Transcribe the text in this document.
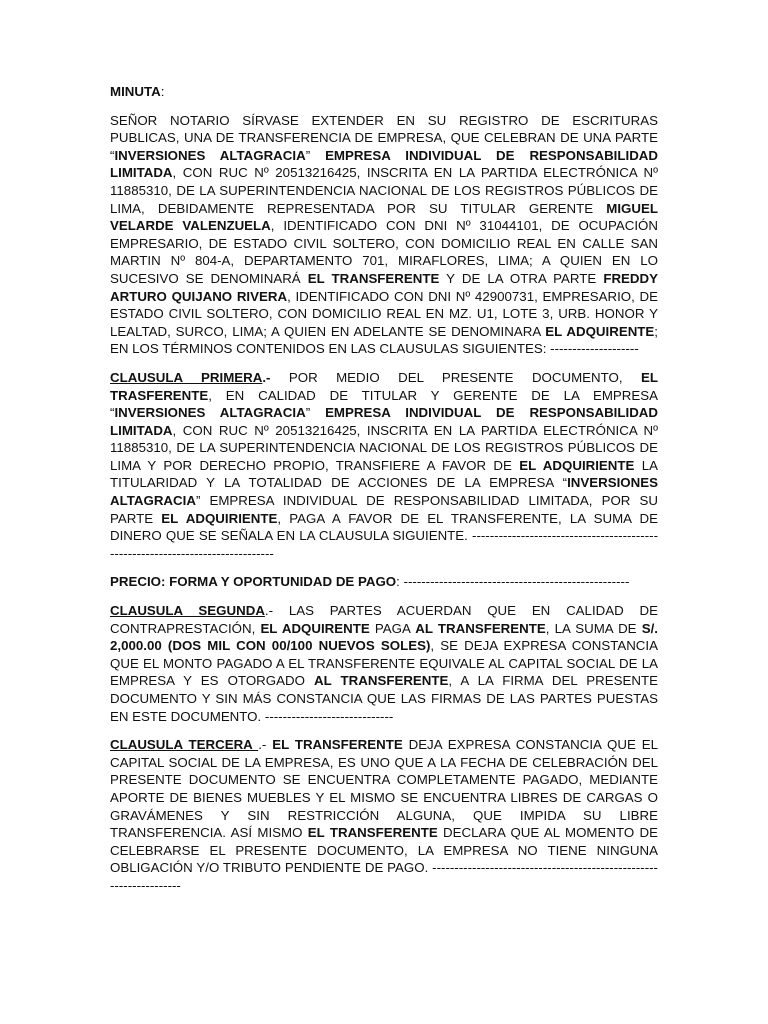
MINUTA:

SEÑOR NOTARIO SÍRVASE EXTENDER EN SU REGISTRO DE ESCRITURAS PUBLICAS, UNA DE TRANSFERENCIA DE EMPRESA, QUE CELEBRAN DE UNA PARTE “INVERSIONES ALTAGRACIA” EMPRESA INDIVIDUAL DE RESPONSABILIDAD LIMITADA, CON RUC Nº 20513216425, INSCRITA EN LA PARTIDA ELECTRÓNICA Nº 11885310, DE LA SUPERINTENDENCIA NACIONAL DE LOS REGISTROS PÚBLICOS DE LIMA, DEBIDAMENTE REPRESENTADA POR SU TITULAR GERENTE MIGUEL VELARDE VALENZUELA, IDENTIFICADO CON DNI Nº 31044101, DE OCUPACIÓN EMPRESARIO, DE ESTADO CIVIL SOLTERO, CON DOMICILIO REAL EN CALLE SAN MARTIN Nº 804-A, DEPARTAMENTO 701, MIRAFLORES, LIMA; A QUIEN EN LO SUCESIVO SE DENOMINARÁ EL TRANSFERENTE Y DE LA OTRA PARTE FREDDY ARTURO QUIJANO RIVERA, IDENTIFICADO CON DNI Nº 42900731, EMPRESARIO, DE ESTADO CIVIL SOLTERO, CON DOMICILIO REAL EN MZ. U1, LOTE 3, URB. HONOR Y LEALTAD, SURCO, LIMA; A QUIEN EN ADELANTE SE DENOMINARA EL ADQUIRENTE; EN LOS TÉRMINOS CONTENIDOS EN LAS CLAUSULAS SIGUIENTES: --------------------

CLAUSULA PRIMERA.- POR MEDIO DEL PRESENTE DOCUMENTO, EL TRASFERENTE, EN CALIDAD DE TITULAR Y GERENTE DE LA EMPRESA “INVERSIONES ALTAGRACIA” EMPRESA INDIVIDUAL DE RESPONSABILIDAD LIMITADA, CON RUC Nº 20513216425, INSCRITA EN LA PARTIDA ELECTRÓNICA Nº 11885310, DE LA SUPERINTENDENCIA NACIONAL DE LOS REGISTROS PÚBLICOS DE LIMA Y POR DERECHO PROPIO, TRANSFIERE A FAVOR DE EL ADQUIRIENTE LA TITULARIDAD Y LA TOTALIDAD DE ACCIONES DE LA EMPRESA “INVERSIONES ALTAGRACIA” EMPRESA INDIVIDUAL DE RESPONSABILIDAD LIMITADA, POR SU PARTE EL ADQUIRIENTE, PAGA A FAVOR DE EL TRANSFERENTE, LA SUMA DE DINERO QUE SE SEÑALA EN LA CLAUSULA SIGUIENTE. -------------------------------------------------------------------------------

PRECIO: FORMA Y OPORTUNIDAD DE PAGO: ---------------------------------------------------

CLAUSULA SEGUNDA.- LAS PARTES ACUERDAN QUE EN CALIDAD DE CONTRAPRESTACIÓN, EL ADQUIRENTE PAGA AL TRANSFERENTE, LA SUMA DE S/. 2,000.00 (DOS MIL CON 00/100 NUEVOS SOLES), SE DEJA EXPRESA CONSTANCIA QUE EL MONTO PAGADO A EL TRANSFERENTE EQUIVALE AL CAPITAL SOCIAL DE LA EMPRESA Y ES OTORGADO AL TRANSFERENTE, A LA FIRMA DEL PRESENTE DOCUMENTO Y SIN MÁS CONSTANCIA QUE LAS FIRMAS DE LAS PARTES PUESTAS EN ESTE DOCUMENTO. -----------------------------

CLAUSULA TERCERA .- EL TRANSFERENTE DEJA EXPRESA CONSTANCIA QUE EL CAPITAL SOCIAL DE LA EMPRESA, ES UNO QUE A LA FECHA DE CELEBRACIÓN DEL PRESENTE DOCUMENTO SE ENCUENTRA COMPLETAMENTE PAGADO, MEDIANTE APORTE DE BIENES MUEBLES Y EL MISMO SE ENCUENTRA LIBRES DE CARGAS O GRAVÁMENES Y SIN RESTRICCIÓN ALGUNA, QUE IMPIDA SU LIBRE TRANSFERENCIA. ASÍ MISMO EL TRANSFERENTE DECLARA QUE AL MOMENTO DE CELEBRARSE EL PRESENTE DOCUMENTO, LA EMPRESA NO TIENE NINGUNA OBLIGACIÓN Y/O TRIBUTO PENDIENTE DE PAGO. -------------------------------------------------------------------
